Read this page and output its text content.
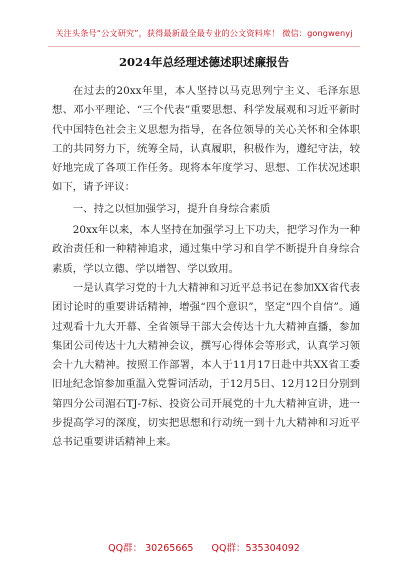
关注头条号“公文研究”，获得最新最全最专业的公文资料库！ 微信：gongwenyj
2024年总经理述德述职述廉报告

在过去的20xx年里，本人坚持以马克思列宁主义、毛泽东思想、邓小平理论、“三个代表”重要思想、科学发展观和习近平新时代中国特色社会主义思想为指导，在各位领导的关心关怀和全体职工的共同努力下，统筹全局，认真履职，积极作为，遵纪守法，较好地完成了各项工作任务。现将本年度学习、思想、工作状况述职如下，请予评议：

一、持之以恒加强学习，提升自身综合素质

20xx年以来，本人坚持在加强学习上下功夫，把学习作为一种政治责任和一种精神追求，通过集中学习和自学不断提升自身综合素质，学以立德、学以增智、学以致用。

一是认真学习党的十九大精神和习近平总书记在参加XX省代表团讨论时的重要讲话精神，增强“四个意识”，坚定“四个自信”。通过观看十九大开幕、全省领导干部大会传达十九大精神直播，参加集团公司传达十九大精神会议，撰写心得体会等形式，认真学习领会十九大精神。按照工作部署，本人于11月17日赴中共XX省工委旧址纪念馆参加重温入党誓词活动，于12月5日、12月12日分别到第四分公司湄石TJ-7标、投资公司开展党的十九大精神宣讲，进一步提高学习的深度，切实把思想和行动统一到十九大精神和习近平总书记重要讲话精神上来。

QQ群： 30265665 QQ群：535304092
